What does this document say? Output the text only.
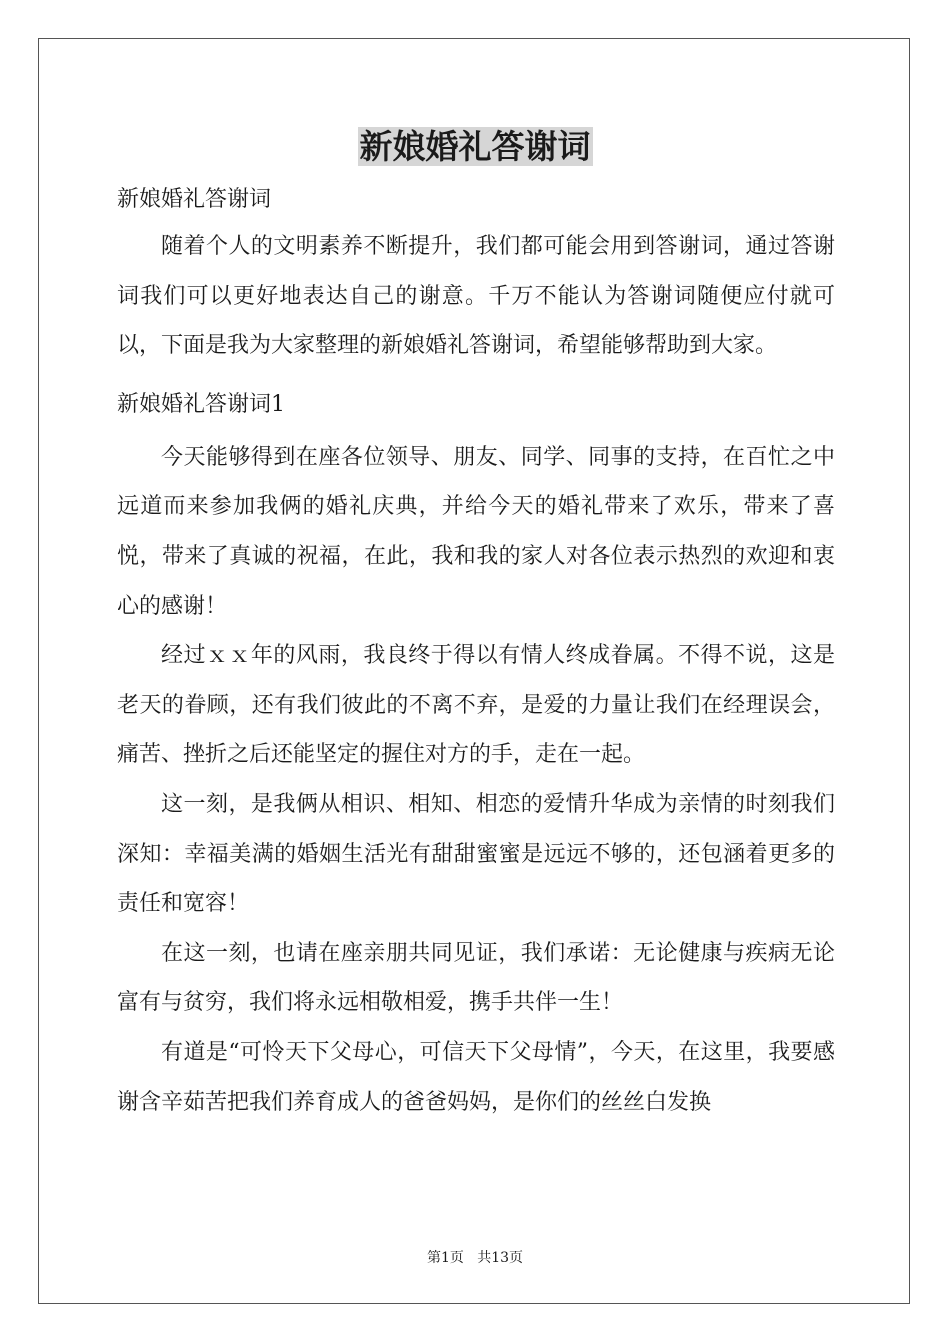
新娘婚礼答谢词

新娘婚礼答谢词

随着个人的文明素养不断提升，我们都可能会用到答谢词，通过答谢词我们可以更好地表达自己的谢意。千万不能认为答谢词随便应付就可以，下面是我为大家整理的新娘婚礼答谢词，希望能够帮助到大家。

新娘婚礼答谢词1

今天能够得到在座各位领导、朋友、同学、同事的支持，在百忙之中远道而来参加我俩的婚礼庆典，并给今天的婚礼带来了欢乐，带来了喜悦，带来了真诚的祝福，在此，我和我的家人对各位表示热烈的欢迎和衷心的感谢！

经过ｘｘ年的风雨，我良终于得以有情人终成眷属。不得不说，这是老天的眷顾，还有我们彼此的不离不弃，是爱的力量让我们在经理误会，痛苦、挫折之后还能坚定的握住对方的手，走在一起。

这一刻，是我俩从相识、相知、相恋的爱情升华成为亲情的时刻我们深知：幸福美满的婚姻生活光有甜甜蜜蜜是远远不够的，还包涵着更多的责任和宽容！

在这一刻，也请在座亲朋共同见证，我们承诺：无论健康与疾病无论富有与贫穷，我们将永远相敬相爱，携手共伴一生！

有道是“可怜天下父母心，可信天下父母情”，今天，在这里，我要感谢含辛茹苦把我们养育成人的爸爸妈妈，是你们的丝丝白发换

第1页   共13页
